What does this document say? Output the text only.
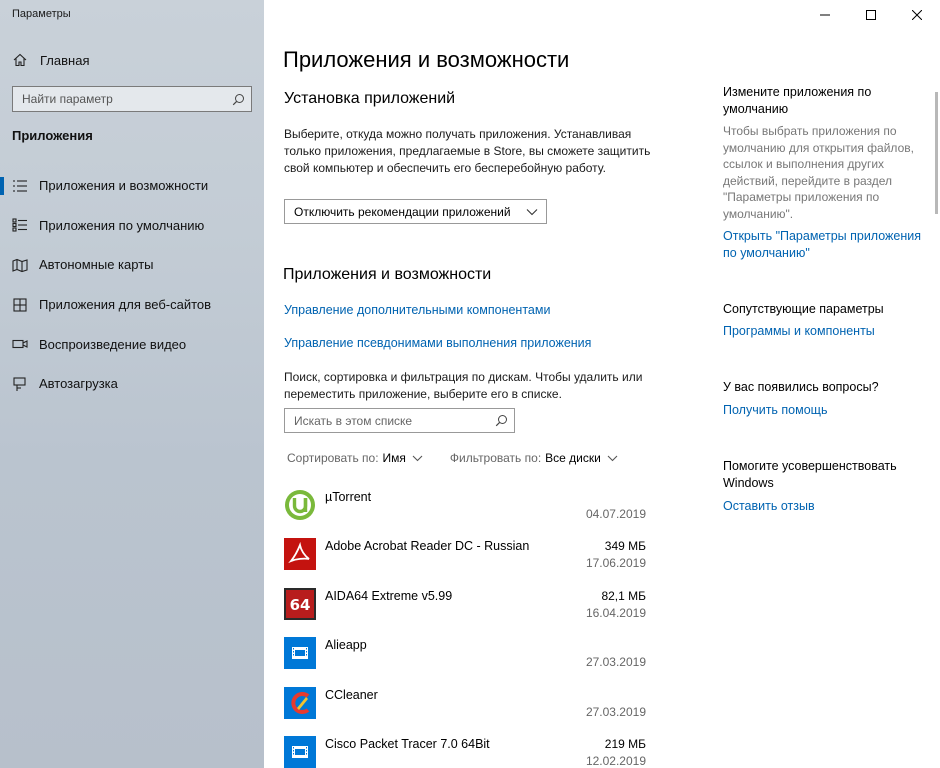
Параметры
Главная
Найти параметр
Приложения
Приложения и возможности
Приложения по умолчанию
Автономные карты
Приложения для веб-сайтов
Воспроизведение видео
Автозагрузка
Приложения и возможности
Установка приложений
Выберите, откуда можно получать приложения. Устанавливая только приложения, предлагаемые в Store, вы сможете защитить свой компьютер и обеспечить его бесперебойную работу.
Отключить рекомендации приложений
Приложения и возможности
Управление дополнительными компонентами
Управление псевдонимами выполнения приложения
Поиск, сортировка и фильтрация по дискам. Чтобы удалить или переместить приложение, выберите его в списке.
Искать в этом списке
Сортировать по: Имя	Фильтровать по: Все диски
µTorrent
04.07.2019
Adobe Acrobat Reader DC - Russian	349 МБ
17.06.2019
64 AIDA64 Extreme v5.99	82,1 МБ
16.04.2019
Alieapp
27.03.2019
CCleaner
27.03.2019
Cisco Packet Tracer 7.0 64Bit	219 МБ
12.02.2019
Измените приложения по умолчанию
Чтобы выбрать приложения по умолчанию для открытия файлов, ссылок и выполнения других действий, перейдите в раздел "Параметры приложения по умолчанию".
Открыть "Параметры приложения по умолчанию"
Сопутствующие параметры
Программы и компоненты
У вас появились вопросы?
Получить помощь
Помогите усовершенствовать Windows
Оставить отзыв
